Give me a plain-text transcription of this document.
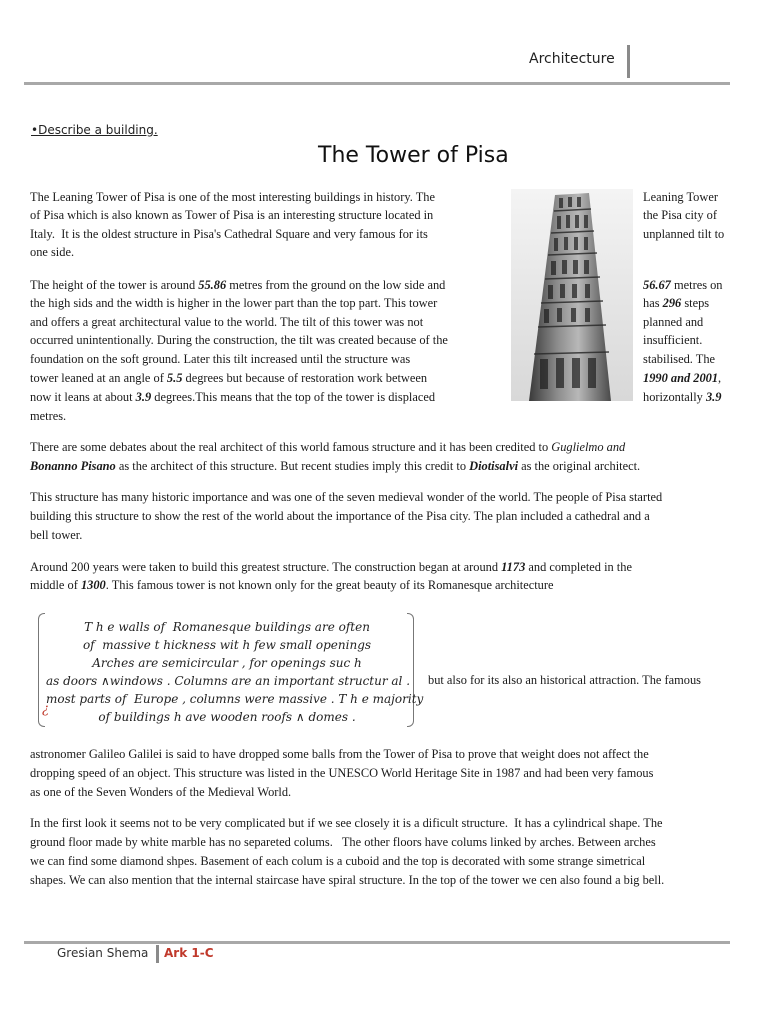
Architecture
•Describe a building.
The Tower of Pisa
The Leaning Tower of Pisa is one of the most interesting buildings in history. The
of Pisa which is also known as Tower of Pisa is an interesting structure located in
Italy.  It is the oldest structure in Pisa's Cathedral Square and very famous for its
one side.
Leaning Tower
the Pisa city of
unplanned tilt to
The height of the tower is around 55.86 metres from the ground on the low side and
the high sids and the width is higher in the lower part than the top part. This tower
and offers a great architectural value to the world. The tilt of this tower was not
occurred unintentionally. During the construction, the tilt was created because of the
foundation on the soft ground. Later this tilt increased until the structure was
tower leaned at an angle of 5.5 degrees but because of restoration work between
now it leans at about 3.9 degrees.This means that the top of the tower is displaced
metres.
56.67 metres on
has 296 steps
planned and
insufficient.
stabilised. The
1990 and 2001,
horizontally 3.9
There are some debates about the real architect of this world famous structure and it has been credited to Guglielmo and
Bonanno Pisano as the architect of this structure. But recent studies imply this credit to Diotisalvi as the original architect.
This structure has many historic importance and was one of the seven medieval wonder of the world. The people of Pisa started
building this structure to show the rest of the world about the importance of the Pisa city. The plan included a cathedral and a
bell tower.
Around 200 years were taken to build this greatest structure. The construction began at around 1173 and completed in the
middle of 1300. This famous tower is not known only for the great beauty of its Romanesque architecture
T h e walls of  Romanesque buildings are often
of  massive t hickness wit h few small openings
Arches are semicircular , for openings suc h
as doors ∧windows . Columns are an important structur al .
most parts of  Europe , columns were massive . T h e majority
of buildings h ave wooden roofs ∧ domes .
¿
but also for its also an historical attraction. The famous
astronomer Galileo Galilei is said to have dropped some balls from the Tower of Pisa to prove that weight does not affect the
dropping speed of an object. This structure was listed in the UNESCO World Heritage Site in 1987 and had been very famous
as one of the Seven Wonders of the Medieval World.
In the first look it seems not to be very complicated but if we see closely it is a dificult structure.  It has a cylindrical shape. The
ground floor made by white marble has no separeted colums.   The other floors have colums linked by arches. Between arches
we can find some diamond shpes. Basement of each colum is a cuboid and the top is decorated with some strange simetrical
shapes. We can also mention that the internal staircase have spiral structure. In the top of the tower we cen also found a big bell.
Gresian Shema Ark 1-C
